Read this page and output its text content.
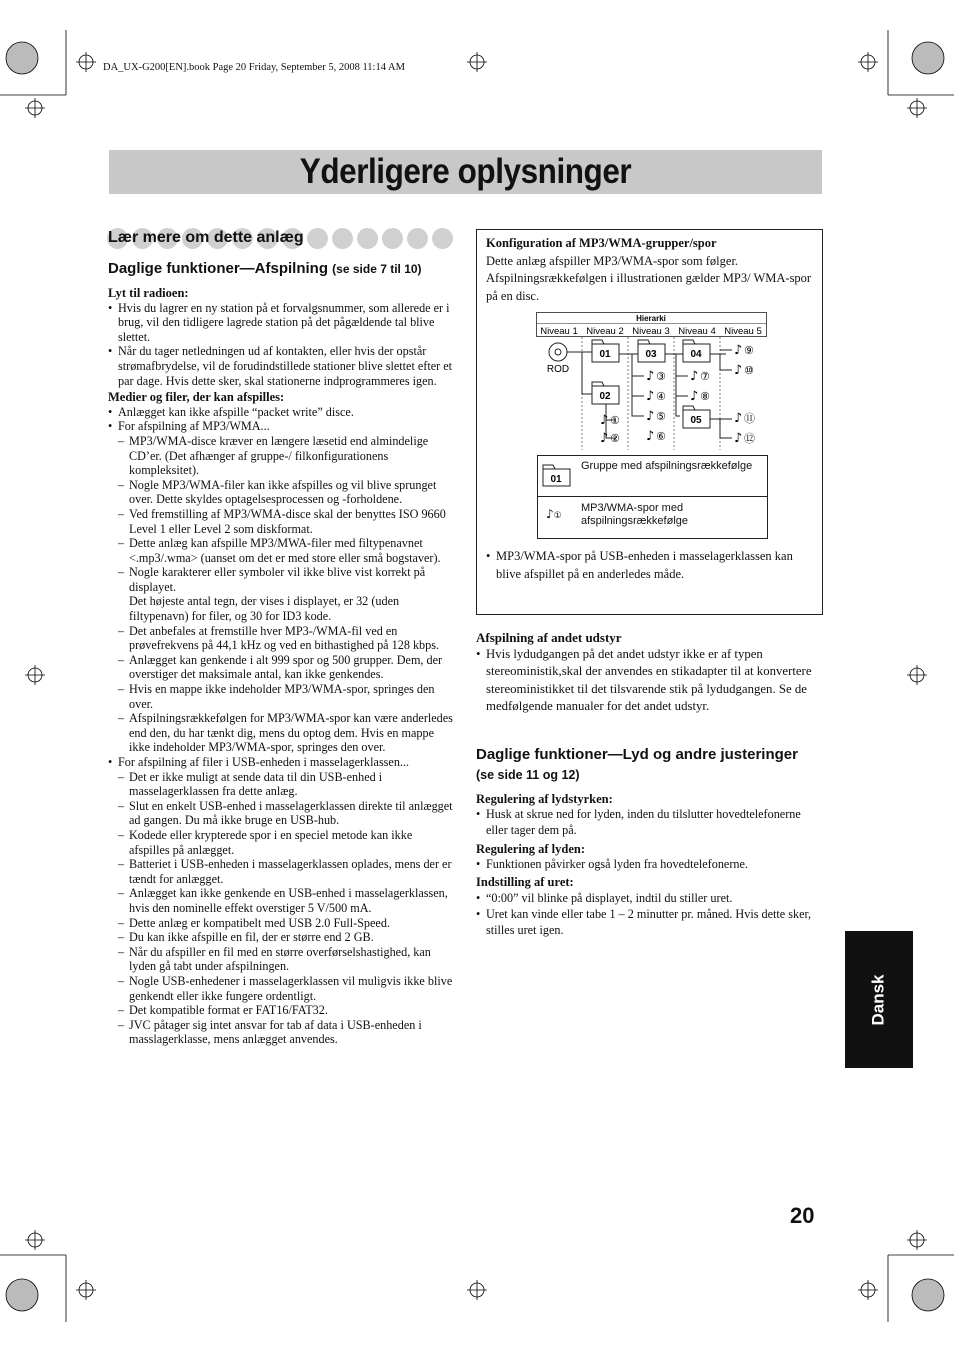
DA_UX-G200[EN].book Page 20 Friday, September 5, 2008 11:14 AM
Yderligere oplysninger
Lær mere om dette anlæg
Daglige funktioner—Afspilning (se side 7 til 10)

Lyt til radioen:

• Hvis du lagrer en ny station på et forvalgsnummer, som allerede er i brug, vil den tidligere lagrede station på det pågældende tal blive slettet.
• Når du tager netledningen ud af kontakten, eller hvis der opstår strømafbrydelse, vil de forudindstillede stationer blive slettet efter et par dage. Hvis dette sker, skal stationerne indprogrammeres igen.

Medier og filer, der kan afspilles:

• Anlægget kan ikke afspille “packet write” disce.
• For afspilning af MP3/WMA...
– MP3/WMA-disce kræver en længere læsetid end almindelige CD’er. (Det afhænger af gruppe-/ filkonfigurationens kompleksitet).
– Nogle MP3/WMA-filer kan ikke afspilles og vil blive sprunget over. Dette skyldes optagelsesprocessen og -forholdene.
– Ved fremstilling af MP3/WMA-disce skal der benyttes ISO 9660 Level 1 eller Level 2 som diskformat.
– Dette anlæg kan afspille MP3/MWA-filer med filtypenavnet <.mp3/.wma> (uanset om det er med store eller små bogstaver).
– Nogle karakterer eller symboler vil ikke blive vist korrekt på displayet.
Det højeste antal tegn, der vises i displayet, er 32 (uden filtypenavn) for filer, og 30 for ID3 kode.
– Det anbefales at fremstille hver MP3-/WMA-fil ved en prøvefrekvens på 44,1 kHz og ved en bithastighed på 128 kbps.
– Anlægget kan genkende i alt 999 spor og 500 grupper. Dem, der overstiger det maksimale antal, kan ikke genkendes.
– Hvis en mappe ikke indeholder MP3/WMA-spor, springes den over.
– Afspilningsrækkefølgen for MP3/WMA-spor kan være anderledes end den, du har tænkt dig, mens du optog dem. Hvis en mappe ikke indeholder MP3/WMA-spor, springes den over.
• For afspilning af filer i USB-enheden i masselagerklassen...
– Det er ikke muligt at sende data til din USB-enhed i masselagerklassen fra dette anlæg.
– Slut en enkelt USB-enhed i masselagerklassen direkte til anlægget ad gangen. Du må ikke bruge en USB-hub.
– Kodede eller krypterede spor i en speciel metode kan ikke afspilles på anlægget.
– Batteriet i USB-enheden i masselagerklassen oplades, mens der er tændt for anlægget.
– Anlægget kan ikke genkende en USB-enhed i masselagerklassen, hvis den nominelle effekt overstiger 5 V/500 mA.
– Dette anlæg er kompatibelt med USB 2.0 Full-Speed.
– Du kan ikke afspille en fil, der er større end 2 GB.
– Når du afspiller en fil med en større overførselshastighed, kan lyden gå tabt under afspilningen.
– Nogle USB-enhedener i masselagerklassen vil muligvis ikke blive genkendt eller ikke fungere ordentligt.
– Det kompatible format er FAT16/FAT32.
– JVC påtager sig intet ansvar for tab af data i USB-enheden i masslagerklasse, mens anlægget anvendes.

Konfiguration af MP3/WMA-grupper/spor

Dette anlæg afspiller MP3/WMA-spor som følger. Afspilningsrækkefølgen i illustrationen gælder MP3/ WMA-spor på en disc.

• MP3/WMA-spor på USB-enheden i masselagerklassen kan blive afspillet på en anderledes måde.
Hierarki
Niveau 1 Niveau 2 Niveau 3 Niveau 4 Niveau 5
ROD
01
02
03	04
05
♪ ①
♪ ②
♪ ③
♪ ④
♪ ⑤
♪ ⑥
♪ ⑦
♪ ⑧
♪ ⑨
♪ ⑩
♪ ⑪
♪ ⑫
01
Gruppe med afspilningsrækkefølge
♪①
MP3/WMA-spor med afspilningsrækkefølge

Afspilning af andet udstyr

• Hvis lydudgangen på det andet udstyr ikke er af typen stereoministik,skal der anvendes en stikadapter til at konvertere stereoministikket til det tilsvarende stik på lydudgangen. Se de medfølgende manualer for det andet udstyr.
Daglige funktioner—Lyd og andre justeringer
(se side 11 og 12)

Regulering af lydstyrken:

• Husk at skrue ned for lyden, inden du tilslutter hovedtelefonerne eller tager dem på.

Regulering af lyden:

• Funktionen påvirker også lyden fra hovedtelefonerne.

Indstilling af uret:

• “0:00” vil blinke på displayet, indtil du stiller uret.
• Uret kan vinde eller tabe 1 – 2 minutter pr. måned. Hvis dette sker, stilles uret igen.
Dansk
20
